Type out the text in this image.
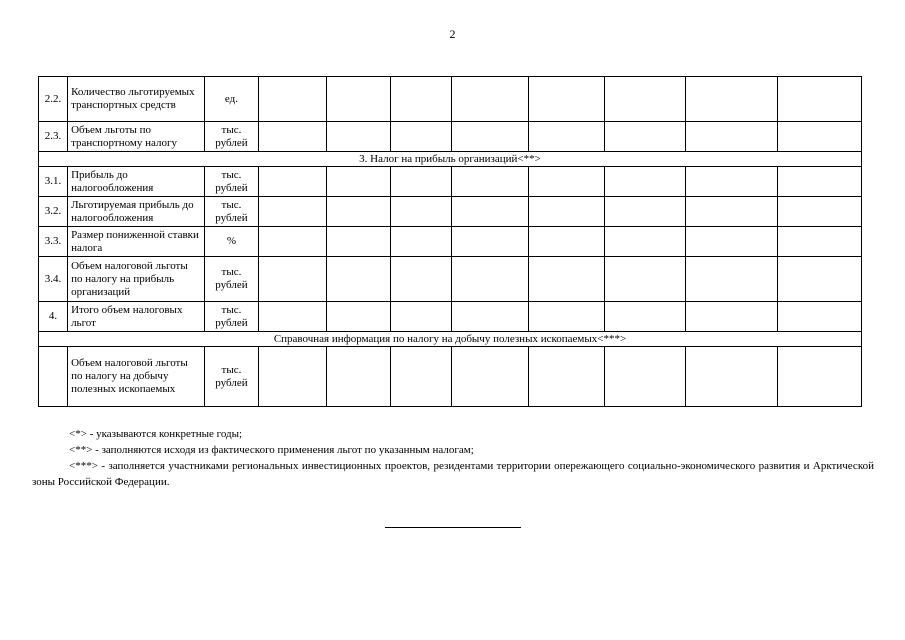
2
2.2.	Количество льготируемых транспортных средств	ед.								
2.3.	Объем льготы по транспортному налогу	тыс. рублей								
3. Налог на прибыль организаций<**>										
3.1.	Прибыль до налогообложения	тыс. рублей								
3.2.	Льготируемая прибыль до налогообложения	тыс. рублей								
3.3.	Размер пониженной ставки налога	%								
3.4.	Объем налоговой льготы по налогу на прибыль организаций	тыс. рублей								
4.	Итого объем налоговых льгот	тыс. рублей								
Справочная информация по налогу на добычу полезных ископаемых<***>										
	Объем налоговой льготы по налогу на добычу полезных ископаемых	тыс. рублей								

<*> - указываются конкретные годы;

<**> - заполняются исходя из фактического применения льгот по указанным налогам;

<***> - заполняется участниками региональных инвестиционных проектов, резидентами территории опережающего социально-экономического развития и Арктической зоны Российской Федерации.
